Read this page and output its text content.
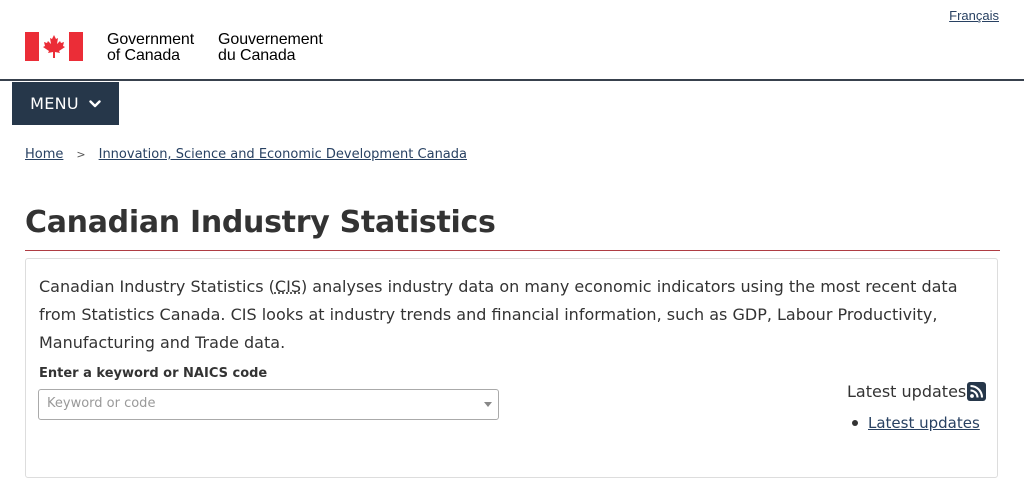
Français
Government
of Canada
Gouvernement
du Canada
MENU
Home > Innovation, Science and Economic Development Canada
Canadian Industry Statistics

Canadian Industry Statistics (CIS) analyses industry data on many economic indicators using the most recent data from Statistics Canada. CIS looks at industry trends and financial information, such as GDP, Labour Productivity, Manufacturing and Trade data.

Enter a keyword or NAICS code
Keyword or code
Latest updates
Latest updates
